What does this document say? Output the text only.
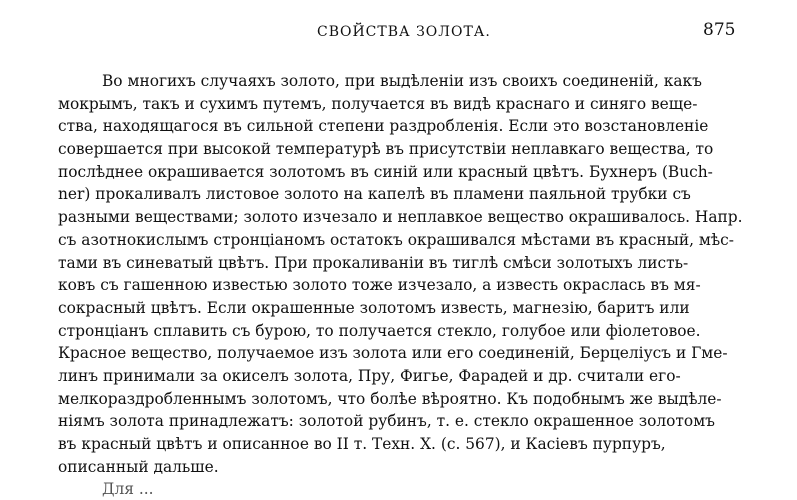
СВОЙСТВА ЗОЛОТА.	875
Во многихъ случаяхъ золото, при выдѣленіи изъ своихъ соединеній, какъ
мокрымъ, такъ и сухимъ путемъ, получается въ видѣ краснаго и синяго веще-
ства, находящагося въ сильной степени раздробленія. Если это возстановленіе
совершается при высокой температурѣ въ присутствіи неплавкаго вещества, то
послѣднее окрашивается золотомъ въ синій или красный цвѣтъ. Бухнеръ (Buch-
ner) прокаливалъ листовое золото на капелѣ въ пламени паяльной трубки съ
разными веществами; золото изчезало и неплавкое вещество окрашивалось. Напр.
съ азотнокислымъ стронціаномъ остатокъ окрашивался мѣстами въ красный, мѣс-
тами въ синеватый цвѣтъ. При прокаливаніи въ тиглѣ смѣси золотыхъ листь-
ковъ съ гашенною известью золото тоже изчезало, а известь окраслась въ мя-
сокрасный цвѣтъ. Если окрашенные золотомъ известь, магнезію, баритъ или
стронціанъ сплавить съ бурою, то получается стекло, голубое или фіолетовое.
Красное вещество, получаемое изъ золота или его соединеній, Берцеліусъ и Гме-
линъ принимали за окиселъ золота, Пру, Фигье, Фарадей и др. считали его-
мелкораздробленнымъ золотомъ, что болѣе вѣроятно. Къ подобнымъ же выдѣле-
ніямъ золота принадлежатъ: золотой рубинъ, т. е. стекло окрашенное золотомъ
въ красный цвѣтъ и описанное во II т. Техн. X. (с. 567), и Касіевъ пурпуръ,
описанный дальше.
Для ...
